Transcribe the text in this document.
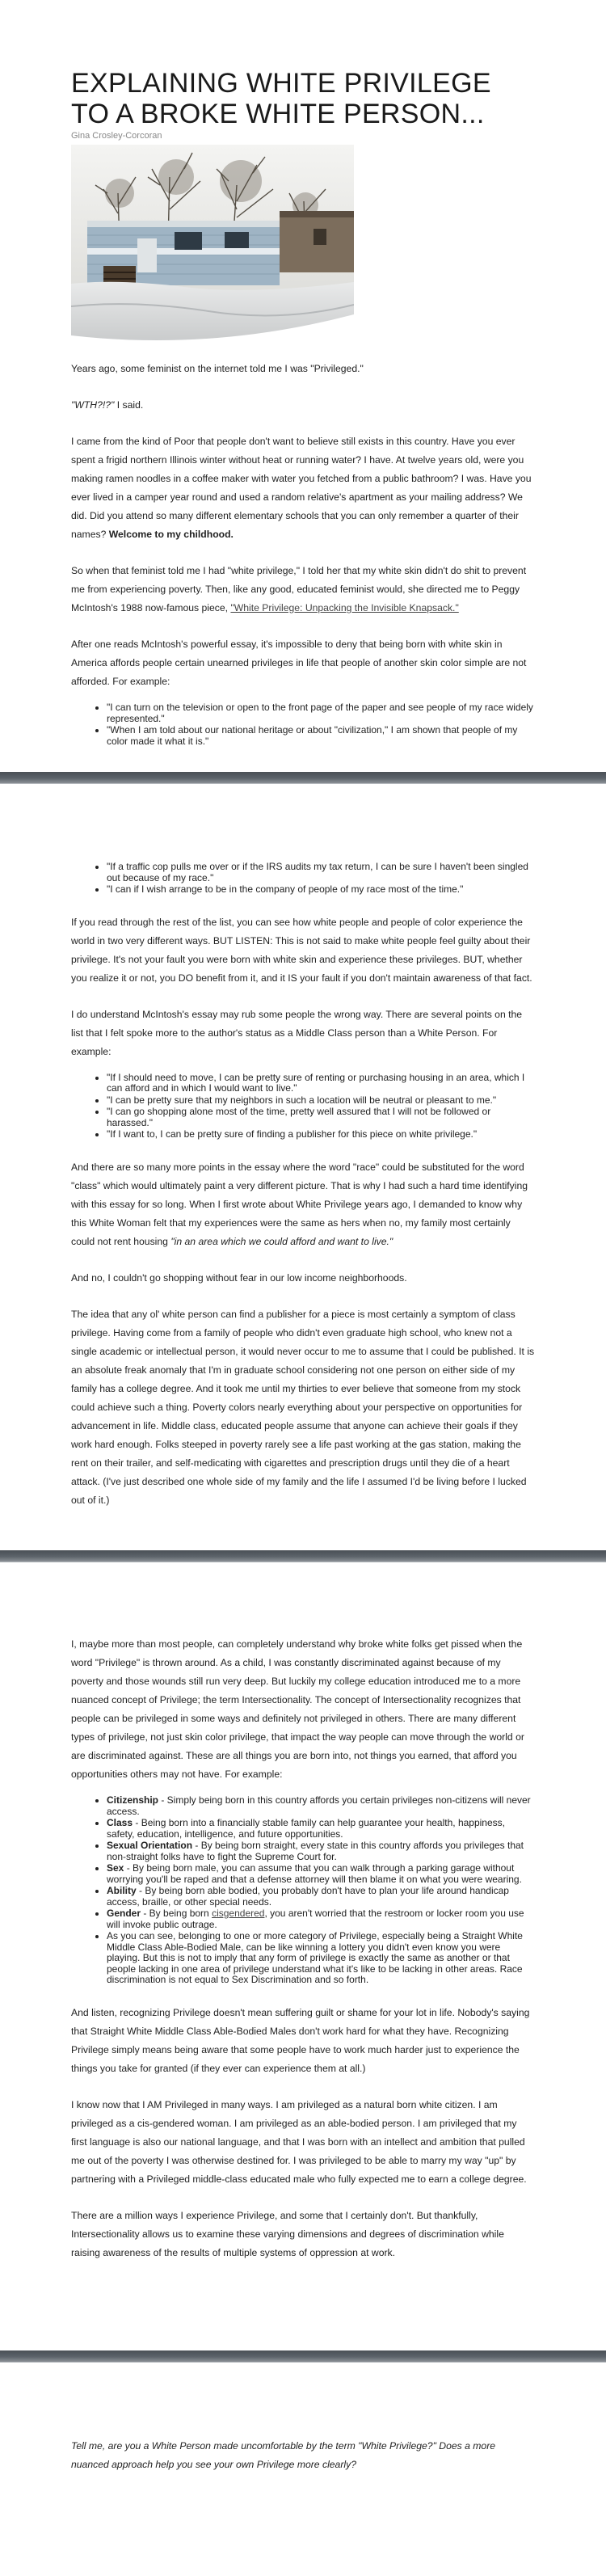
EXPLAINING WHITE PRIVILEGE TO A BROKE WHITE PERSON...
Gina Crosley-Corcoran

Years ago, some feminist on the internet told me I was "Privileged."

"WTH?!?" I said.

I came from the kind of Poor that people don't want to believe still exists in this country. Have you ever spent a frigid northern Illinois winter without heat or running water? I have. At twelve years old, were you making ramen noodles in a coffee maker with water you fetched from a public bathroom? I was. Have you ever lived in a camper year round and used a random relative's apartment as your mailing address? We did. Did you attend so many different elementary schools that you can only remember a quarter of their names? Welcome to my childhood.

So when that feminist told me I had "white privilege," I told her that my white skin didn't do shit to prevent me from experiencing poverty. Then, like any good, educated feminist would, she directed me to Peggy McIntosh's 1988 now-famous piece, "White Privilege: Unpacking the Invisible Knapsack."

After one reads McIntosh's powerful essay, it's impossible to deny that being born with white skin in America affords people certain unearned privileges in life that people of another skin color simple are not afforded. For example:

• "I can turn on the television or open to the front page of the paper and see people of my race widely represented."
• "When I am told about our national heritage or about "civilization," I am shown that people of my color made it what it is."
• "If a traffic cop pulls me over or if the IRS audits my tax return, I can be sure I haven't been singled out because of my race."
• "I can if I wish arrange to be in the company of people of my race most of the time."

If you read through the rest of the list, you can see how white people and people of color experience the world in two very different ways. BUT LISTEN: This is not said to make white people feel guilty about their privilege. It's not your fault you were born with white skin and experience these privileges. BUT, whether you realize it or not, you DO benefit from it, and it IS your fault if you don't maintain awareness of that fact.

I do understand McIntosh's essay may rub some people the wrong way. There are several points on the list that I felt spoke more to the author's status as a Middle Class person than a White Person. For example:

• "If I should need to move, I can be pretty sure of renting or purchasing housing in an area, which I can afford and in which I would want to live."
• "I can be pretty sure that my neighbors in such a location will be neutral or pleasant to me."
• "I can go shopping alone most of the time, pretty well assured that I will not be followed or harassed."
• "If I want to, I can be pretty sure of finding a publisher for this piece on white privilege."

And there are so many more points in the essay where the word "race" could be substituted for the word "class" which would ultimately paint a very different picture. That is why I had such a hard time identifying with this essay for so long. When I first wrote about White Privilege years ago, I demanded to know why this White Woman felt that my experiences were the same as hers when no, my family most certainly could not rent housing "in an area which we could afford and want to live."

And no, I couldn't go shopping without fear in our low income neighborhoods.

The idea that any ol' white person can find a publisher for a piece is most certainly a symptom of class privilege. Having come from a family of people who didn't even graduate high school, who knew not a single academic or intellectual person, it would never occur to me to assume that I could be published. It is an absolute freak anomaly that I'm in graduate school considering not one person on either side of my family has a college degree. And it took me until my thirties to ever believe that someone from my stock could achieve such a thing. Poverty colors nearly everything about your perspective on opportunities for advancement in life. Middle class, educated people assume that anyone can achieve their goals if they work hard enough. Folks steeped in poverty rarely see a life past working at the gas station, making the rent on their trailer, and self-medicating with cigarettes and prescription drugs until they die of a heart attack. (I've just described one whole side of my family and the life I assumed I'd be living before I lucked out of it.)

I, maybe more than most people, can completely understand why broke white folks get pissed when the word "Privilege" is thrown around. As a child, I was constantly discriminated against because of my poverty and those wounds still run very deep. But luckily my college education introduced me to a more nuanced concept of Privilege; the term Intersectionality. The concept of Intersectionality recognizes that people can be privileged in some ways and definitely not privileged in others. There are many different types of privilege, not just skin color privilege, that impact the way people can move through the world or are discriminated against. These are all things you are born into, not things you earned, that afford you opportunities others may not have. For example:

• Citizenship - Simply being born in this country affords you certain privileges non-citizens will never access.
• Class - Being born into a financially stable family can help guarantee your health, happiness, safety, education, intelligence, and future opportunities.
• Sexual Orientation - By being born straight, every state in this country affords you privileges that non-straight folks have to fight the Supreme Court for.
• Sex - By being born male, you can assume that you can walk through a parking garage without worrying you'll be raped and that a defense attorney will then blame it on what you were wearing.
• Ability - By being born able bodied, you probably don't have to plan your life around handicap access, braille, or other special needs.
• Gender - By being born cisgendered, you aren't worried that the restroom or locker room you use will invoke public outrage.
• As you can see, belonging to one or more category of Privilege, especially being a Straight White Middle Class Able-Bodied Male, can be like winning a lottery you didn't even know you were playing. But this is not to imply that any form of privilege is exactly the same as another or that people lacking in one area of privilege understand what it's like to be lacking in other areas. Race discrimination is not equal to Sex Discrimination and so forth.

And listen, recognizing Privilege doesn't mean suffering guilt or shame for your lot in life. Nobody's saying that Straight White Middle Class Able-Bodied Males don't work hard for what they have. Recognizing Privilege simply means being aware that some people have to work much harder just to experience the things you take for granted (if they ever can experience them at all.)

I know now that I AM Privileged in many ways. I am privileged as a natural born white citizen. I am privileged as a cis-gendered woman. I am privileged as an able-bodied person. I am privileged that my first language is also our national language, and that I was born with an intellect and ambition that pulled me out of the poverty I was otherwise destined for. I was privileged to be able to marry my way "up" by partnering with a Privileged middle-class educated male who fully expected me to earn a college degree.

There are a million ways I experience Privilege, and some that I certainly don't. But thankfully, Intersectionality allows us to examine these varying dimensions and degrees of discrimination while raising awareness of the results of multiple systems of oppression at work.

Tell me, are you a White Person made uncomfortable by the term "White Privilege?" Does a more nuanced approach help you see your own Privilege more clearly?
